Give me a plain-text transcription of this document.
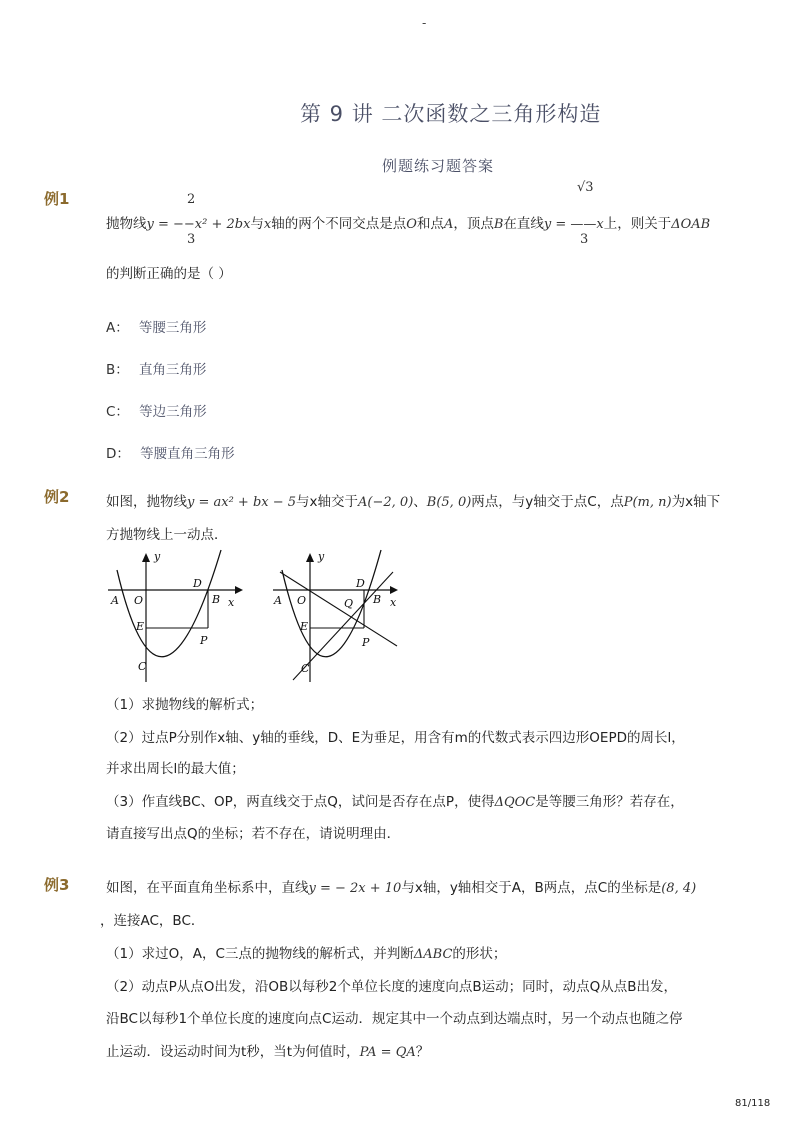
-
第 9 讲 二次函数之三角形构造
例题练习题答案
例1	2
3
√3
3
抛物线y = −−x² + 2bx与x轴的两个不同交点是点O和点A，顶点B在直线y = ——x上，则关于ΔOAB
的判断正确的是（ ）
A： 等腰三角形
B： 直角三角形
C： 等边三角形
D： 等腰直角三角形
例2	如图，抛物线y = ax² + bx − 5与x轴交于A(−2, 0)、B(5, 0)两点，与y轴交于点C，点P(m, n)为x轴下
方抛物线上一动点．
y
x
A O
D
B
E
P
C
y
x
A O
D
B
Q
E
P
C
（1）求抛物线的解析式；
（2）过点P分别作x轴、y轴的垂线，D、E为垂足，用含有m的代数式表示四边形OEPD的周长l，
并求出周长l的最大值；
（3）作直线BC、OP，两直线交于点Q，试问是否存在点P，使得ΔQOC是等腰三角形？若存在，
请直接写出点Q的坐标；若不存在，请说明理由．
例3	如图，在平面直角坐标系中，直线y = − 2x + 10与x轴，y轴相交于A，B两点，点C的坐标是(8, 4)
，连接AC，BC．
（1）求过O，A，C三点的抛物线的解析式，并判断ΔABC的形状；
（2）动点P从点O出发，沿OB以每秒2个单位长度的速度向点B运动；同时，动点Q从点B出发，
沿BC以每秒1个单位长度的速度向点C运动．规定其中一个动点到达端点时，另一个动点也随之停
止运动．设运动时间为t秒，当t为何值时，PA = QA？
81/118
